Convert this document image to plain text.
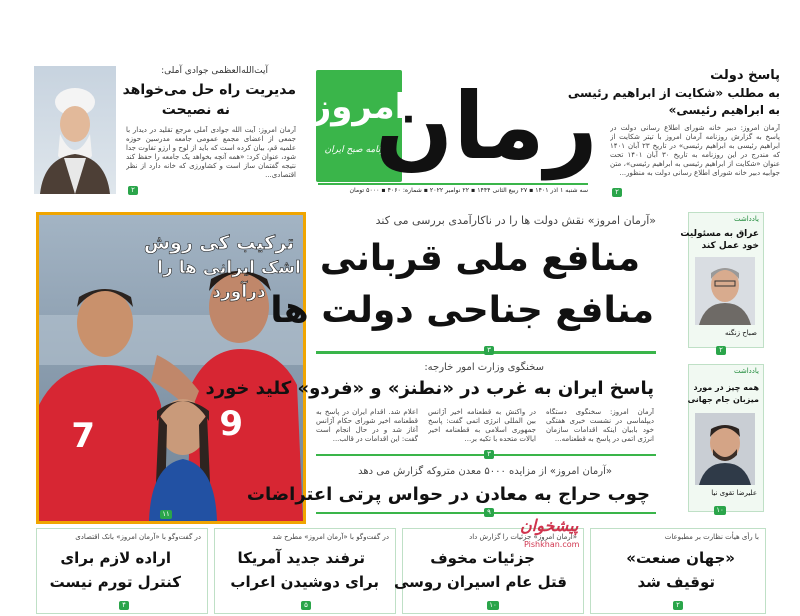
پاسخ دولت
به مطلب «شکایت از ابراهیم رئیسی
به ابراهیم رئیسی»
آرمان امروز: دبیر خانه شورای اطلاع رسانی دولت در پاسخ به گزارش روزنامه آرمان امروز با تیتر شکایت از ابراهیم رئیسی به ابراهیم رئیسی» در تاریخ ۲۳ آبان ۱۴۰۱ که مندرج در این روزنامه به تاریخ ۳۰ آبان ۱۴۰۱ تحت عنوان «شکایت از ابراهیم رئیسی به ابراهیم رئیسی»، متن جوابیه دبیر خانه شورای اطلاع رسانی دولت به منظور...
۲
امروز
روزنامه صبح ایران	رمان
سه شنبه ۱ آذر ۱۴۰۱ ▪ ۲۷ ربیع الثانی ۱۴۴۴ ▪ ۲۲ نوامبر ۲۰۲۲ ▪ شماره: ۴۰۶۰ ▪ ۵۰۰۰ تومان
آیت‌الله‌العظمی جوادی آملی:
مدیریت راه حل می‌خواهد
نه نصیحت
آرمان امروز: آیت الله جوادی آملی مرجع تقلید در دیدار با جمعی از اعضای مجمع عمومی جامعه مدرسین حوزه علمیه قم، بیان کرده است که باید از لوح و ارزو تفاوت جدا شود، عنوان کرد: «همه آنچه بخواهد یک جامعه را حفظ کند نتیجه گفتمان ساز است و کشاورزی که خانه دارد از نظر اقتصادی...
۲
7	9
ترکیب کی روش
اشک ایرانی ها را
درآورد
۱۱
«آرمان امروز» نقش دولت ها را در ناکارآمدی بررسی می کند
منافع ملی قربانی
منافع جناحی دولت ها
۳
سخنگوی وزارت امور خارجه:
پاسخ ایران به غرب در «نطنز» و «فردو» کلید خورد
آرمان امروز: سخنگوی دستگاه دیپلماسی در نشست خبری هفتگی خود بابیان اینکه اقدامات سازمان انرژی اتمی در پاسخ به قطعنامه...
در واکنش به قطعنامه اخیر آژانس بین المللی انرژی اتمی گفت: پاسخ جمهوری اسلامی به قطعنامه اخیر ایالات متحده با تکیه بر...
اعلام شد. اقدام ایران در پاسخ به قطعنامه اخیر شورای حکام آژانس آغاز شد و در حال انجام است گفت: این اقدامات در قالب...
۳
«آرمان امروز» از مزایده ۵۰۰۰ معدن متروکه گزارش می دهد
چوب حراج به معادن در حواس پرتی اعتراضات
۹
یادداشت
عراق به مسئولیت
خود عمل کند
صباح زنگنه
۲
یادداشت
همه چیز در مورد
میزبان جام جهانی
علیرضا تقوی نیا
۱۰
در گفت‌وگو با «آرمان امروز» بانک اقتصادی
اراده لازم برای
کنترل تورم نیست
۴
در گفت‌وگو با «آرمان امروز» مطرح شد
ترفند جدید آمریکا
برای دوشیدن اعراب
۵
«آرمان امروز» جزئیات را گزارش داد
جزئیات مخوف
قتل عام اسیران روسی
۱۰
با رأی هیأت نظارت بر مطبوعات
«جهان صنعت»
توقیف شد
۲
پیشخوان
Pishkhan.com
